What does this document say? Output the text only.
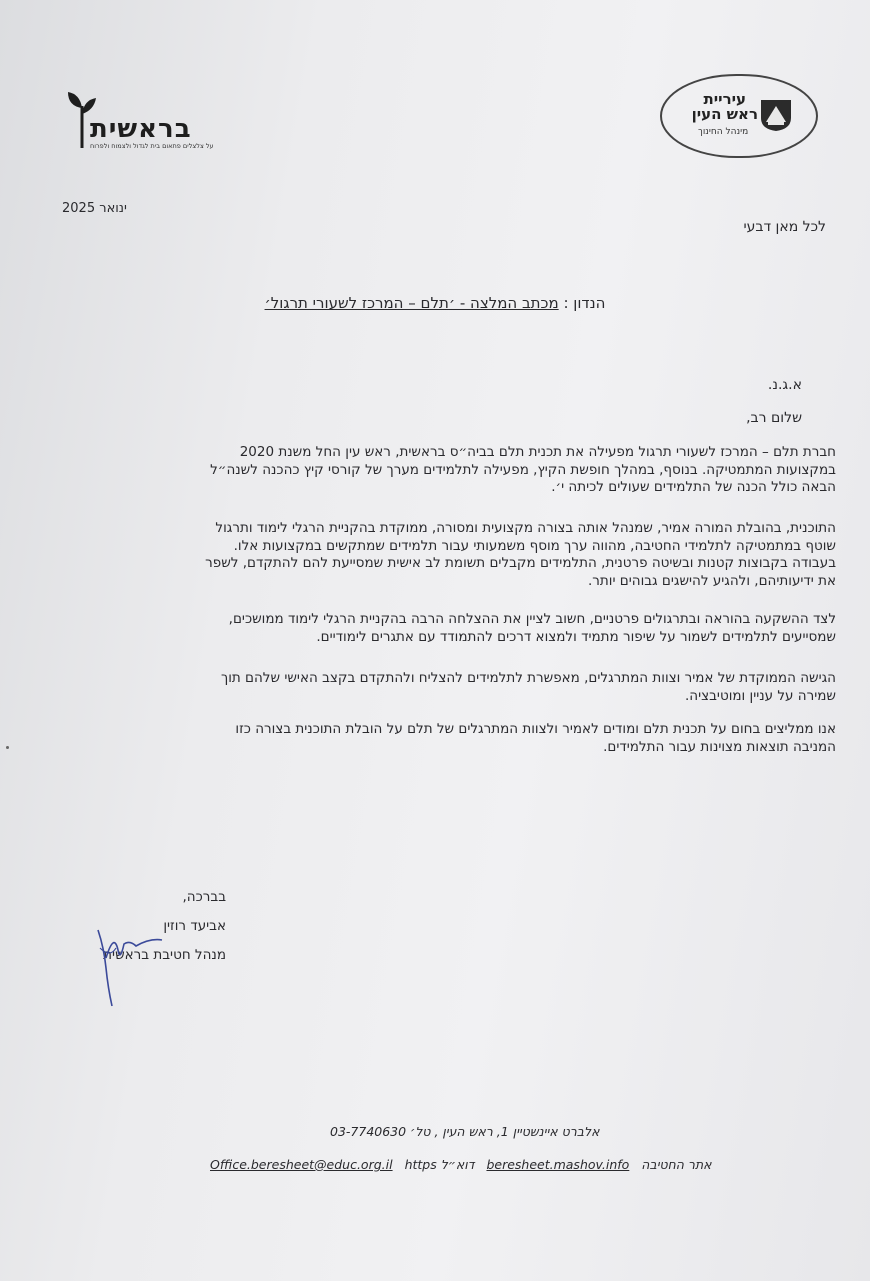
עיריית
ראש העין
מינהל החינוך
בראשית
על צלצלים פתאום בית לגדול ולצמוח ולפרוח
ינואר 2025
לכל מאן דבעי
הנדון : מכתב המלצה - ׳תלם – המרכז לשעורי תרגול׳
א.ג.נ.
שלום רב,
חברת תלם – המרכז לשעורי תרגול מפעילה את תכנית תלם בביה״ס בראשית, ראש עין החל משנת 2020
במקצועות המתמטיקה. בנוסף, במהלך חופשת הקיץ, מפעילה לתלמידים מערך של קורסי קיץ כהכנה לשנה״ל
הבאה כולל הכנה של התלמידים שעולים לכיתה י׳.
התוכנית, בהובלת המורה אמיר, שמנהל אותה בצורה מקצועית ומסורה, ממוקדת בהקניית הרגלי לימוד ותרגול
שוטף במתמטיקה לתלמידי החטיבה, מהווה ערך מוסף משמעותי עבור תלמידים שמתקשים במקצועות אלו.
בעבודה בקבוצות קטנות ובשיטה פרטנית, התלמידים מקבלים תשומת לב אישית שמסייעת להם להתקדם, לשפר
את ידיעותיהם, ולהגיע להישגים גבוהים יותר.
לצד ההשקעה בהוראה ובתרגולים פרטניים, חשוב לציין את ההצלחה הרבה בהקניית הרגלי לימוד ממושכים,
שמסייעים לתלמידים לשמור על שיפור מתמיד ולמצוא דרכים להתמודד עם אתגרים לימודיים.
הגישה הממוקדת של אמיר וצוות המתרגלים, מאפשרת לתלמידים להצליח ולהתקדם בקצב האישי שלהם תוך
שמירה על עניין ומוטיבציה.
אנו ממליצים בחום על תכנית תלם ומודים לאמיר ולצוות המתרגלים של תלם על הובלת התוכנית בצורה כזו
המניבה תוצאות מצוינות עבור התלמידים.
בברכה,
אביעד רוזין
מנהל חטיבת בראשית
אלברט איינשטיין 1, ראש העין , טל׳ 03-7740630
Office.beresheet@educ.org.il https דוא״ל beresheet.mashov.info אתר החטיבה
